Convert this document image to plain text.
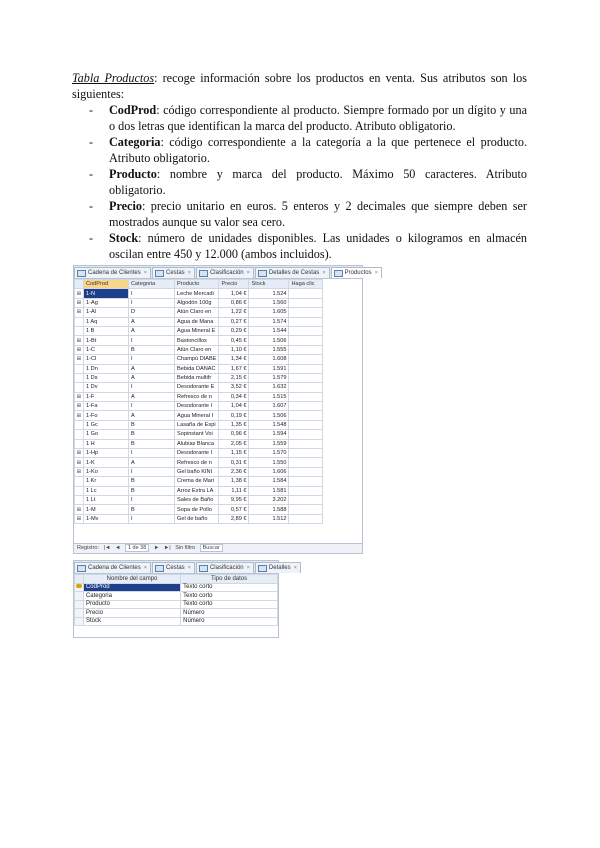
Tabla Productos: recoge información sobre los productos en venta. Sus atributos son los siguientes:

- CodProd: código correspondiente al producto. Siempre formado por un dígito y una o dos letras que identifican la marca del producto. Atributo obligatorio.
- Categoria: código correspondiente a la categoría a la que pertenece el producto. Atributo obligatorio.
- Producto: nombre y marca del producto. Máximo 50 caracteres. Atributo obligatorio.
- Precio: precio unitario en euros. 5 enteros y 2 decimales que siempre deben ser mostrados aunque su valor sea cero.
- Stock: número de unidades disponibles. Las unidades o kilogramos en almacén oscilan entre 450 y 12.000 (ambos incluidos).
Cadena de Clientes ×	Cestas ×	Clasificación ×	Detalles de Cestas ×	Productos ×
	CodProd	Categoria	Producto	Precio	Stock	Haga clic
⊞	1-N	I	Leche Mercadi	1,04 €	1.524	
⊞	1-Ag	I	Algodón 100g	0,86 €	1.560	
⊞	1-Al	D	Atún Claro en	1,22 €	1.605	
	1 Aq	A	Agua de Mana	0,27 €	1.574	
	1 B	A	Agua Mineral E	0,29 €	1.544	
⊞	1-Bt	I	Bastoncillos	0,45 €	1.506	
⊞	1-C	B	Atún Claro en	1,10 €	1.555	
⊞	1-Cl	I	Champú DIABE	1,34 €	1.608	
	1 Dn	A	Bebida DANAC	1,67 €	1.591	
	1 Ds	A	Bebida multifr	2,15 €	1.579	
	1 Dv	I	Desodorante E	3,52 €	1.632	
⊞	1-F	A	Refresco de n	0,34 €	1.515	
⊞	1-Fa	I	Desodorante I	1,04 €	1.607	
⊞	1-Fo	A	Agua Mineral I	0,19 €	1.506	
	1 Gc	B	Lasaña de Espi	1,35 €	1.548	
	1 Go	B	Sopinstant Voi	0,96 €	1.594	
	1 H	B	Alubias Blanca	2,05 €	1.559	
⊞	1-Hp	I	Desodorante I	1,15 €	1.570	
⊞	1-K	A	Refresco de n	0,31 €	1.550	
⊞	1-Ko	I	Gel baño KINI	2,36 €	1.606	
	1 Kr	B	Crema de Mari	1,38 €	1.584	
	1 Lc	B	Arroz Extra LA	1,11 €	1.581	
	1 Lt	I	Sales de Baño	9,95 €	3.202	
⊞	1-M	B	Sopa de Pollo	0,57 €	1.588	
⊞	1-Mv	I	Gel de baño	2,89 €	1.512	
Registro: |◄ ◄ 1 de 38 ► ►| Sin filtro Buscar
Cadena de Clientes ×	Cestas ×	Clasificación ×	Detalles ×
	Nombre del campo	Tipo de datos
	CodProd	Texto corto
	Categoria	Texto corto
	Producto	Texto corto
	Precio	Número
	Stock	Número
